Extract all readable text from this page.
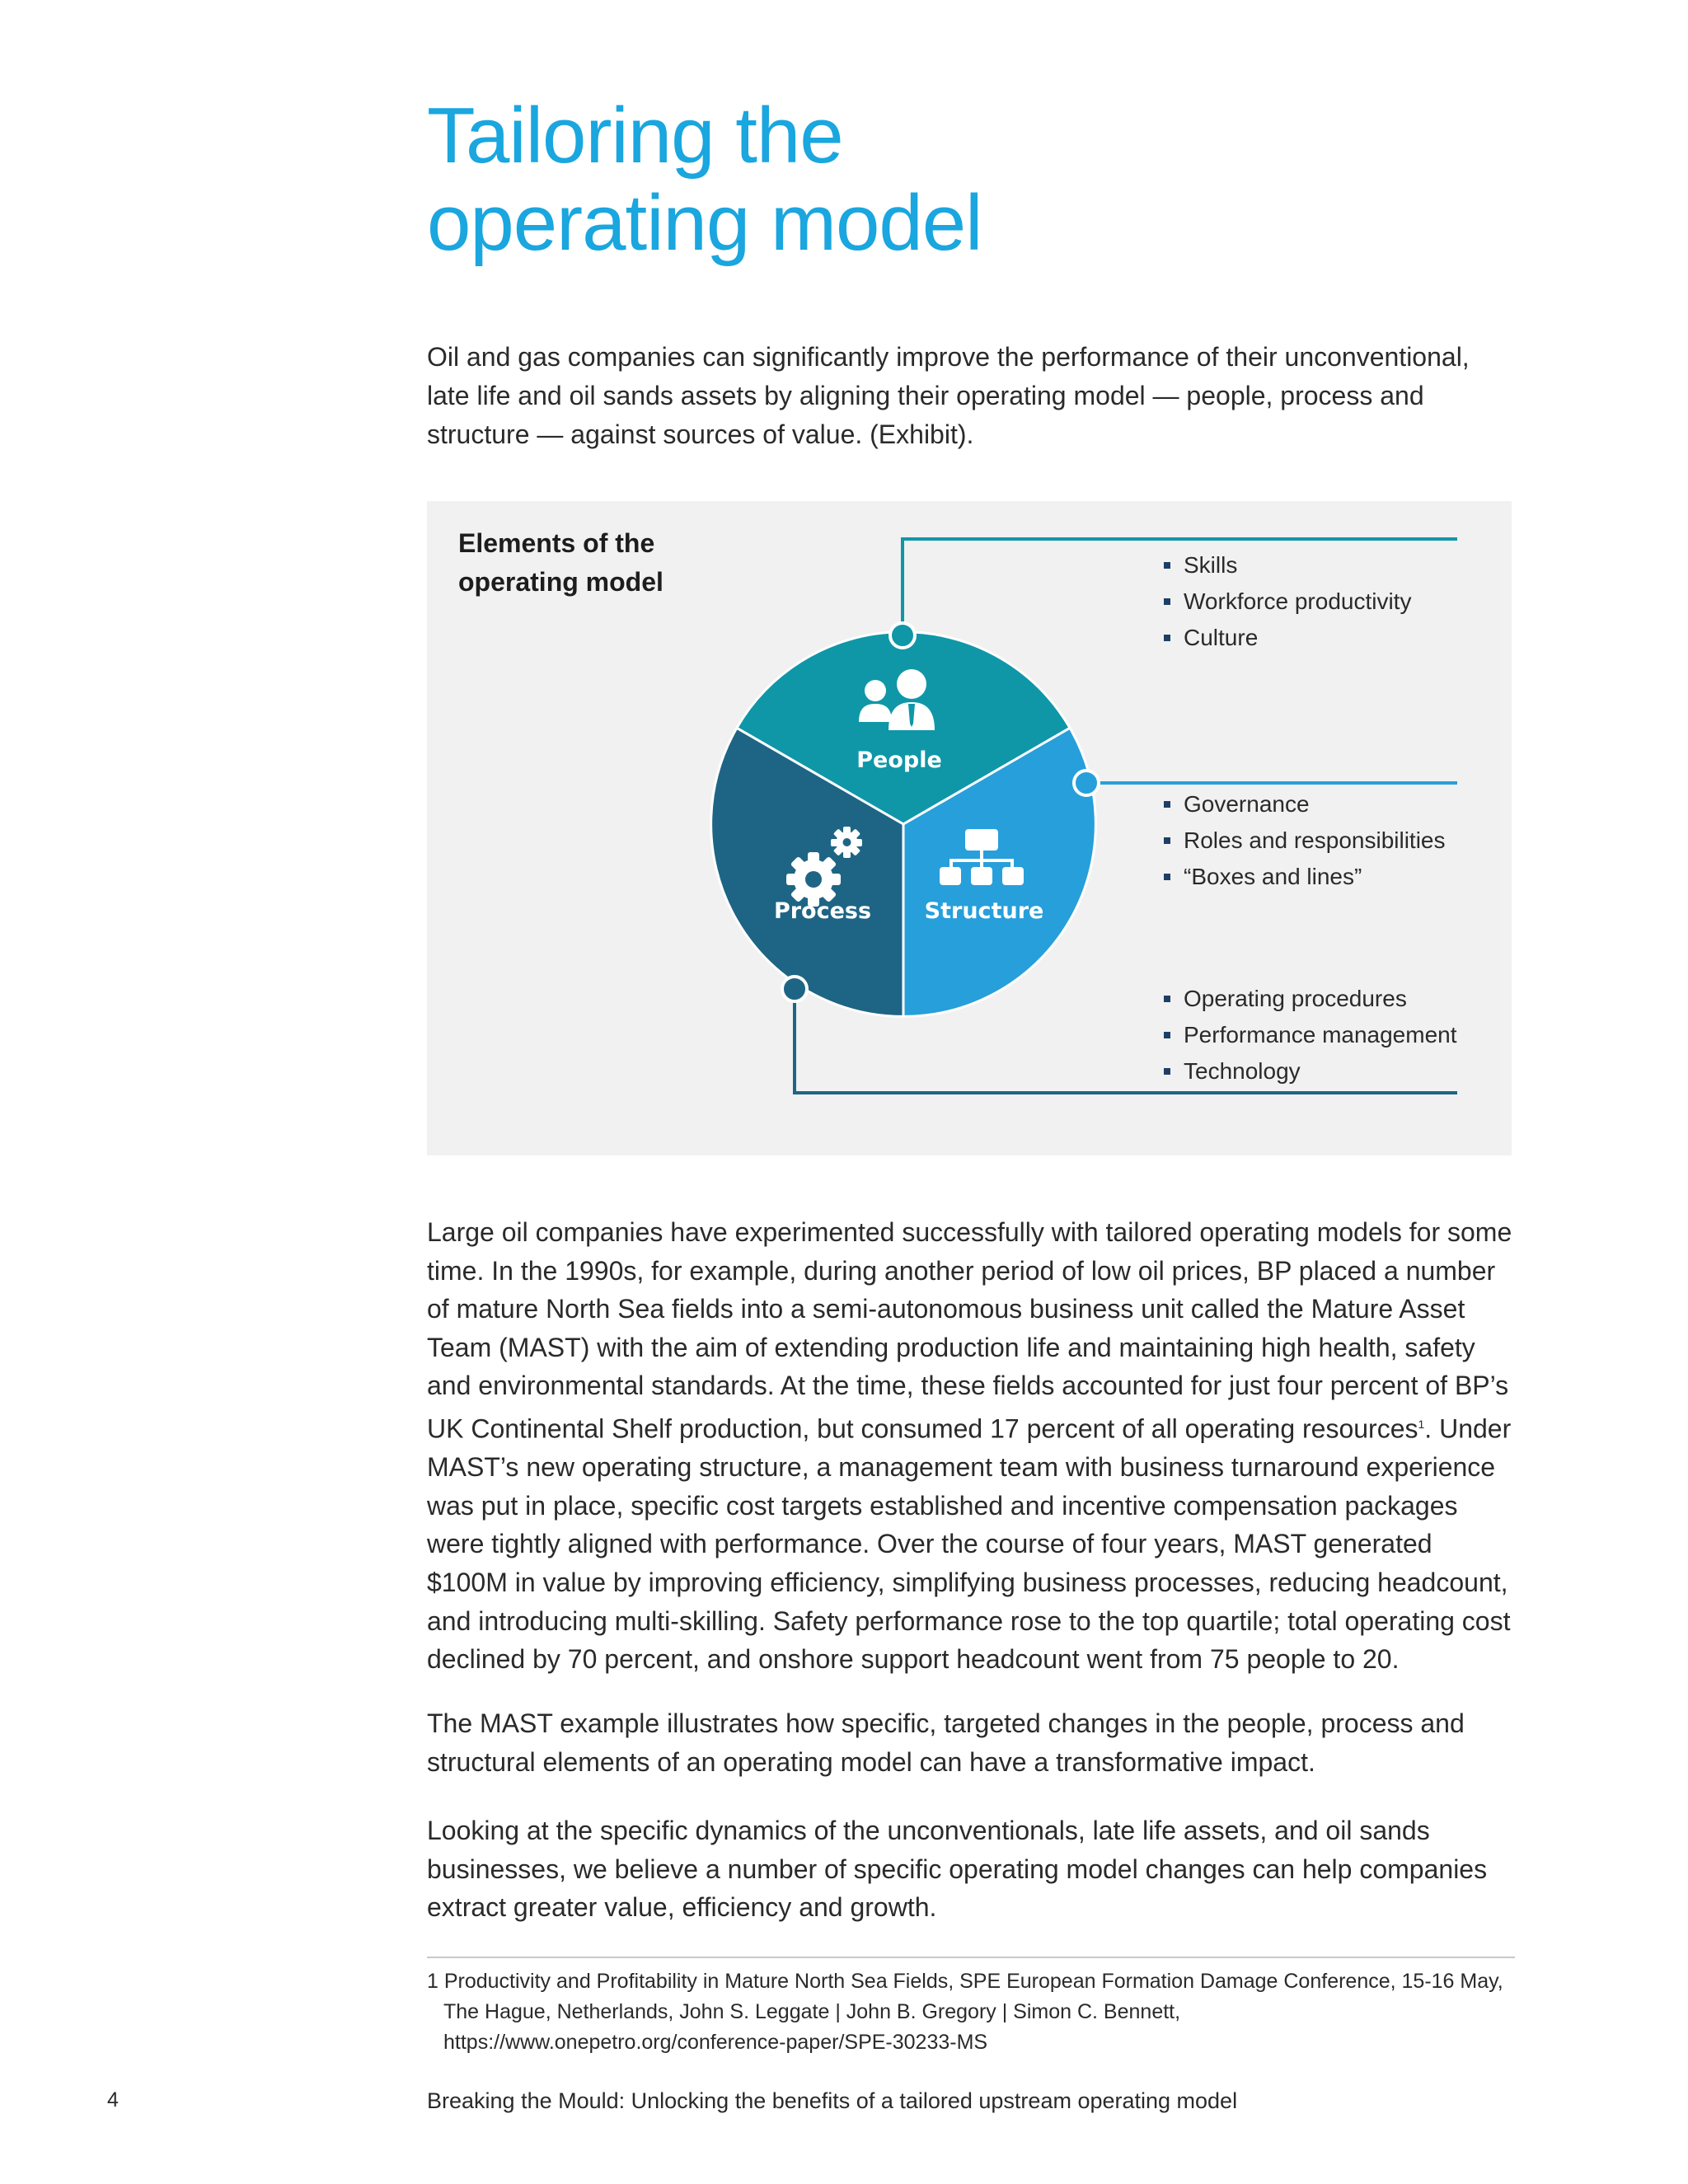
Tailoring the
operating model

Oil and gas companies can significantly improve the performance of their unconventional, late life and oil sands assets by aligning their operating model — people, process and structure — against sources of value. (Exhibit).

Elements of the
operating model
People
Process Structure
Skills
Workforce productivity
Culture
Governance
Roles and responsibilities
“Boxes and lines”
Operating procedures
Performance management
Technology

Large oil companies have experimented successfully with tailored operating models for some time. In the 1990s, for example, during another period of low oil prices, BP placed a number of mature North Sea fields into a semi-autonomous business unit called the Mature Asset Team (MAST) with the aim of extending production life and maintaining high health, safety and environmental standards. At the time, these fields accounted for just four percent of BP’s UK Continental Shelf production, but consumed 17 percent of all operating resources$^1$. Under MAST’s new operating structure, a management team with business turnaround experience was put in place, specific cost targets established and incentive compensation packages were tightly aligned with performance. Over the course of four years, MAST generated $100M in value by improving efficiency, simplifying business processes, reducing headcount, and introducing multi-skilling. Safety performance rose to the top quartile; total operating cost declined by 70 percent, and onshore support headcount went from 75 people to 20.

The MAST example illustrates how specific, targeted changes in the people, process and structural elements of an operating model can have a transformative impact.

Looking at the specific dynamics of the unconventionals, late life assets, and oil sands businesses, we believe a number of specific operating model changes can help companies extract greater value, efficiency and growth.

1 Productivity and Profitability in Mature North Sea Fields, SPE European Formation Damage Conference, 15-16 May, The Hague, Netherlands, John S. Leggate | John B. Gregory | Simon C. Bennett, https://www.onepetro.org/conference-paper/SPE-30233-MS

4	Breaking the Mould: Unlocking the benefits of a tailored upstream operating model
